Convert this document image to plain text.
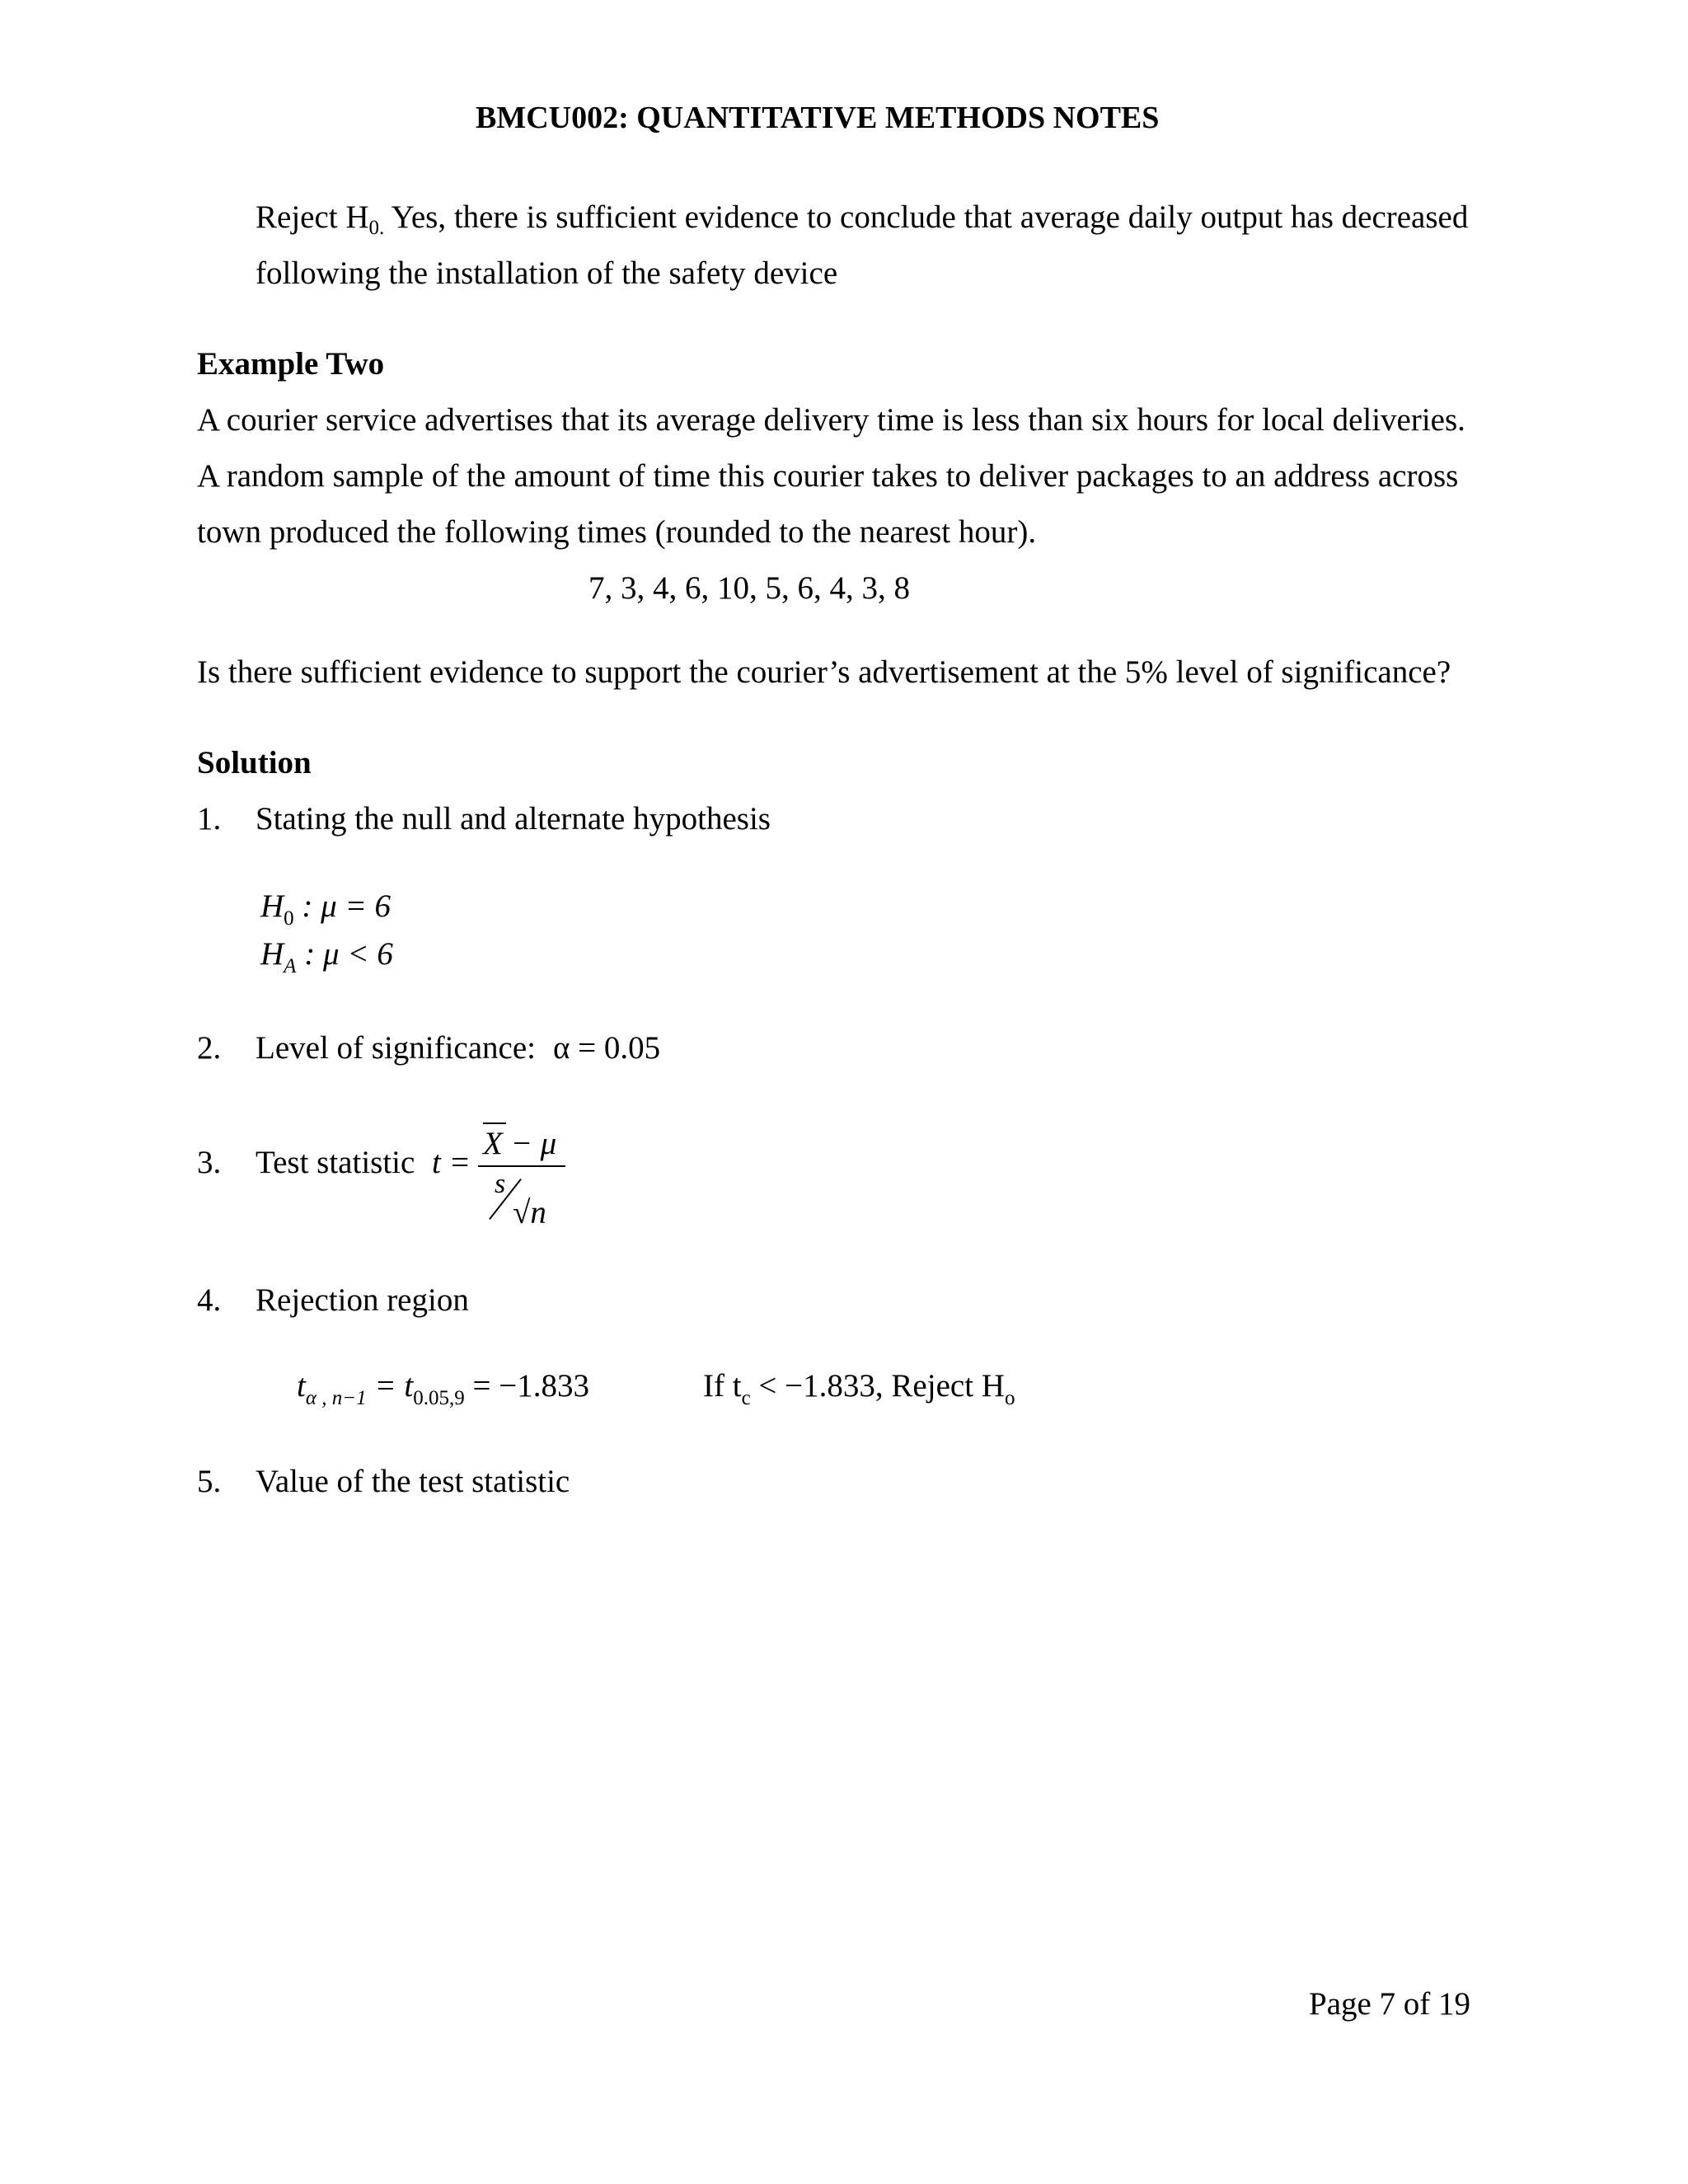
BMCU002: QUANTITATIVE METHODS NOTES
Reject $H_{0.}$ Yes, there is sufficient evidence to conclude that average daily output has decreased
following the installation of the safety device
Example Two
A courier service advertises that its average delivery time is less than six hours for local deliveries.
A random sample of the amount of time this courier takes to deliver packages to an address across
town produced the following times (rounded to the nearest hour).
7, 3, 4, 6, 10, 5, 6, 4, 3, 8
Is there sufficient evidence to support the courier’s advertisement at the 5% level of significance?
Solution
1. Stating the null and alternate hypothesis
$H_0$ : μ = 6
$H_A$ : μ < 6
2. Level of significance: α = 0.05
3. Test statistic t =
X − μ
s
√n
4. Rejection region
$t_{\alpha , n-1} = t_{0.05,9} = -1.833$	If $t_c < -1.833$, Reject $H_o$
5. Value of the test statistic
Page 7 of 19
